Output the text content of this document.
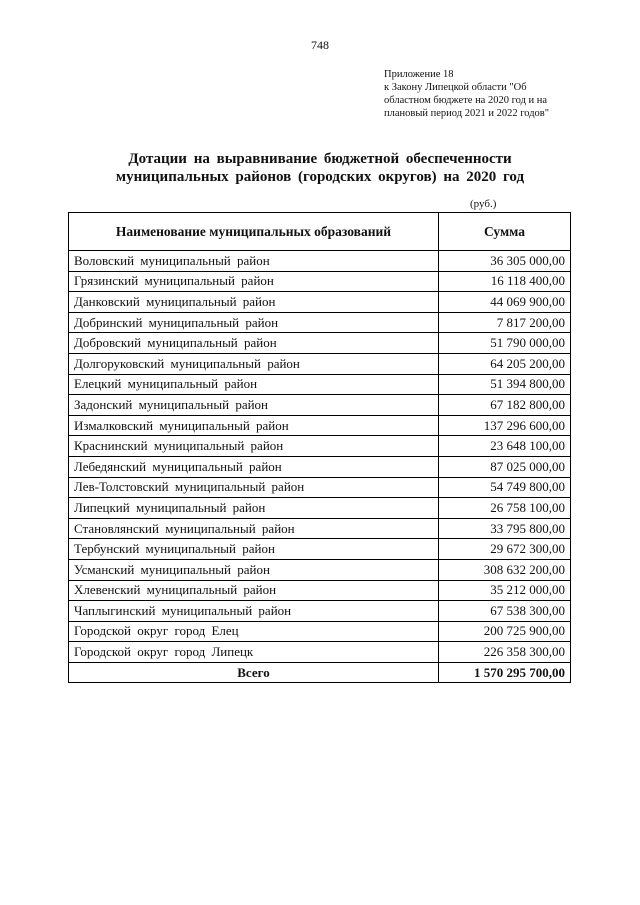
748
Приложение 18
к Закону Липецкой области "Об
областном бюджете на 2020 год и на
плановый период 2021 и 2022 годов"
Дотации на выравнивание бюджетной обеспеченности
муниципальных районов (городских округов) на 2020 год
(руб.)
Наименование муниципальных образований	Сумма
Воловский муниципальный район	36 305 000,00
Грязинский муниципальный район	16 118 400,00
Данковский муниципальный район	44 069 900,00
Добринский муниципальный район	7 817 200,00
Добровский муниципальный район	51 790 000,00
Долгоруковский муниципальный район	64 205 200,00
Елецкий муниципальный район	51 394 800,00
Задонский муниципальный район	67 182 800,00
Измалковский муниципальный район	137 296 600,00
Краснинский муниципальный район	23 648 100,00
Лебедянский муниципальный район	87 025 000,00
Лев-Толстовский муниципальный район	54 749 800,00
Липецкий муниципальный район	26 758 100,00
Становлянский муниципальный район	33 795 800,00
Тербунский муниципальный район	29 672 300,00
Усманский муниципальный район	308 632 200,00
Хлевенский муниципальный район	35 212 000,00
Чаплыгинский муниципальный район	67 538 300,00
Городской округ город Елец	200 725 900,00
Городской округ город Липецк	226 358 300,00
Всего	1 570 295 700,00
